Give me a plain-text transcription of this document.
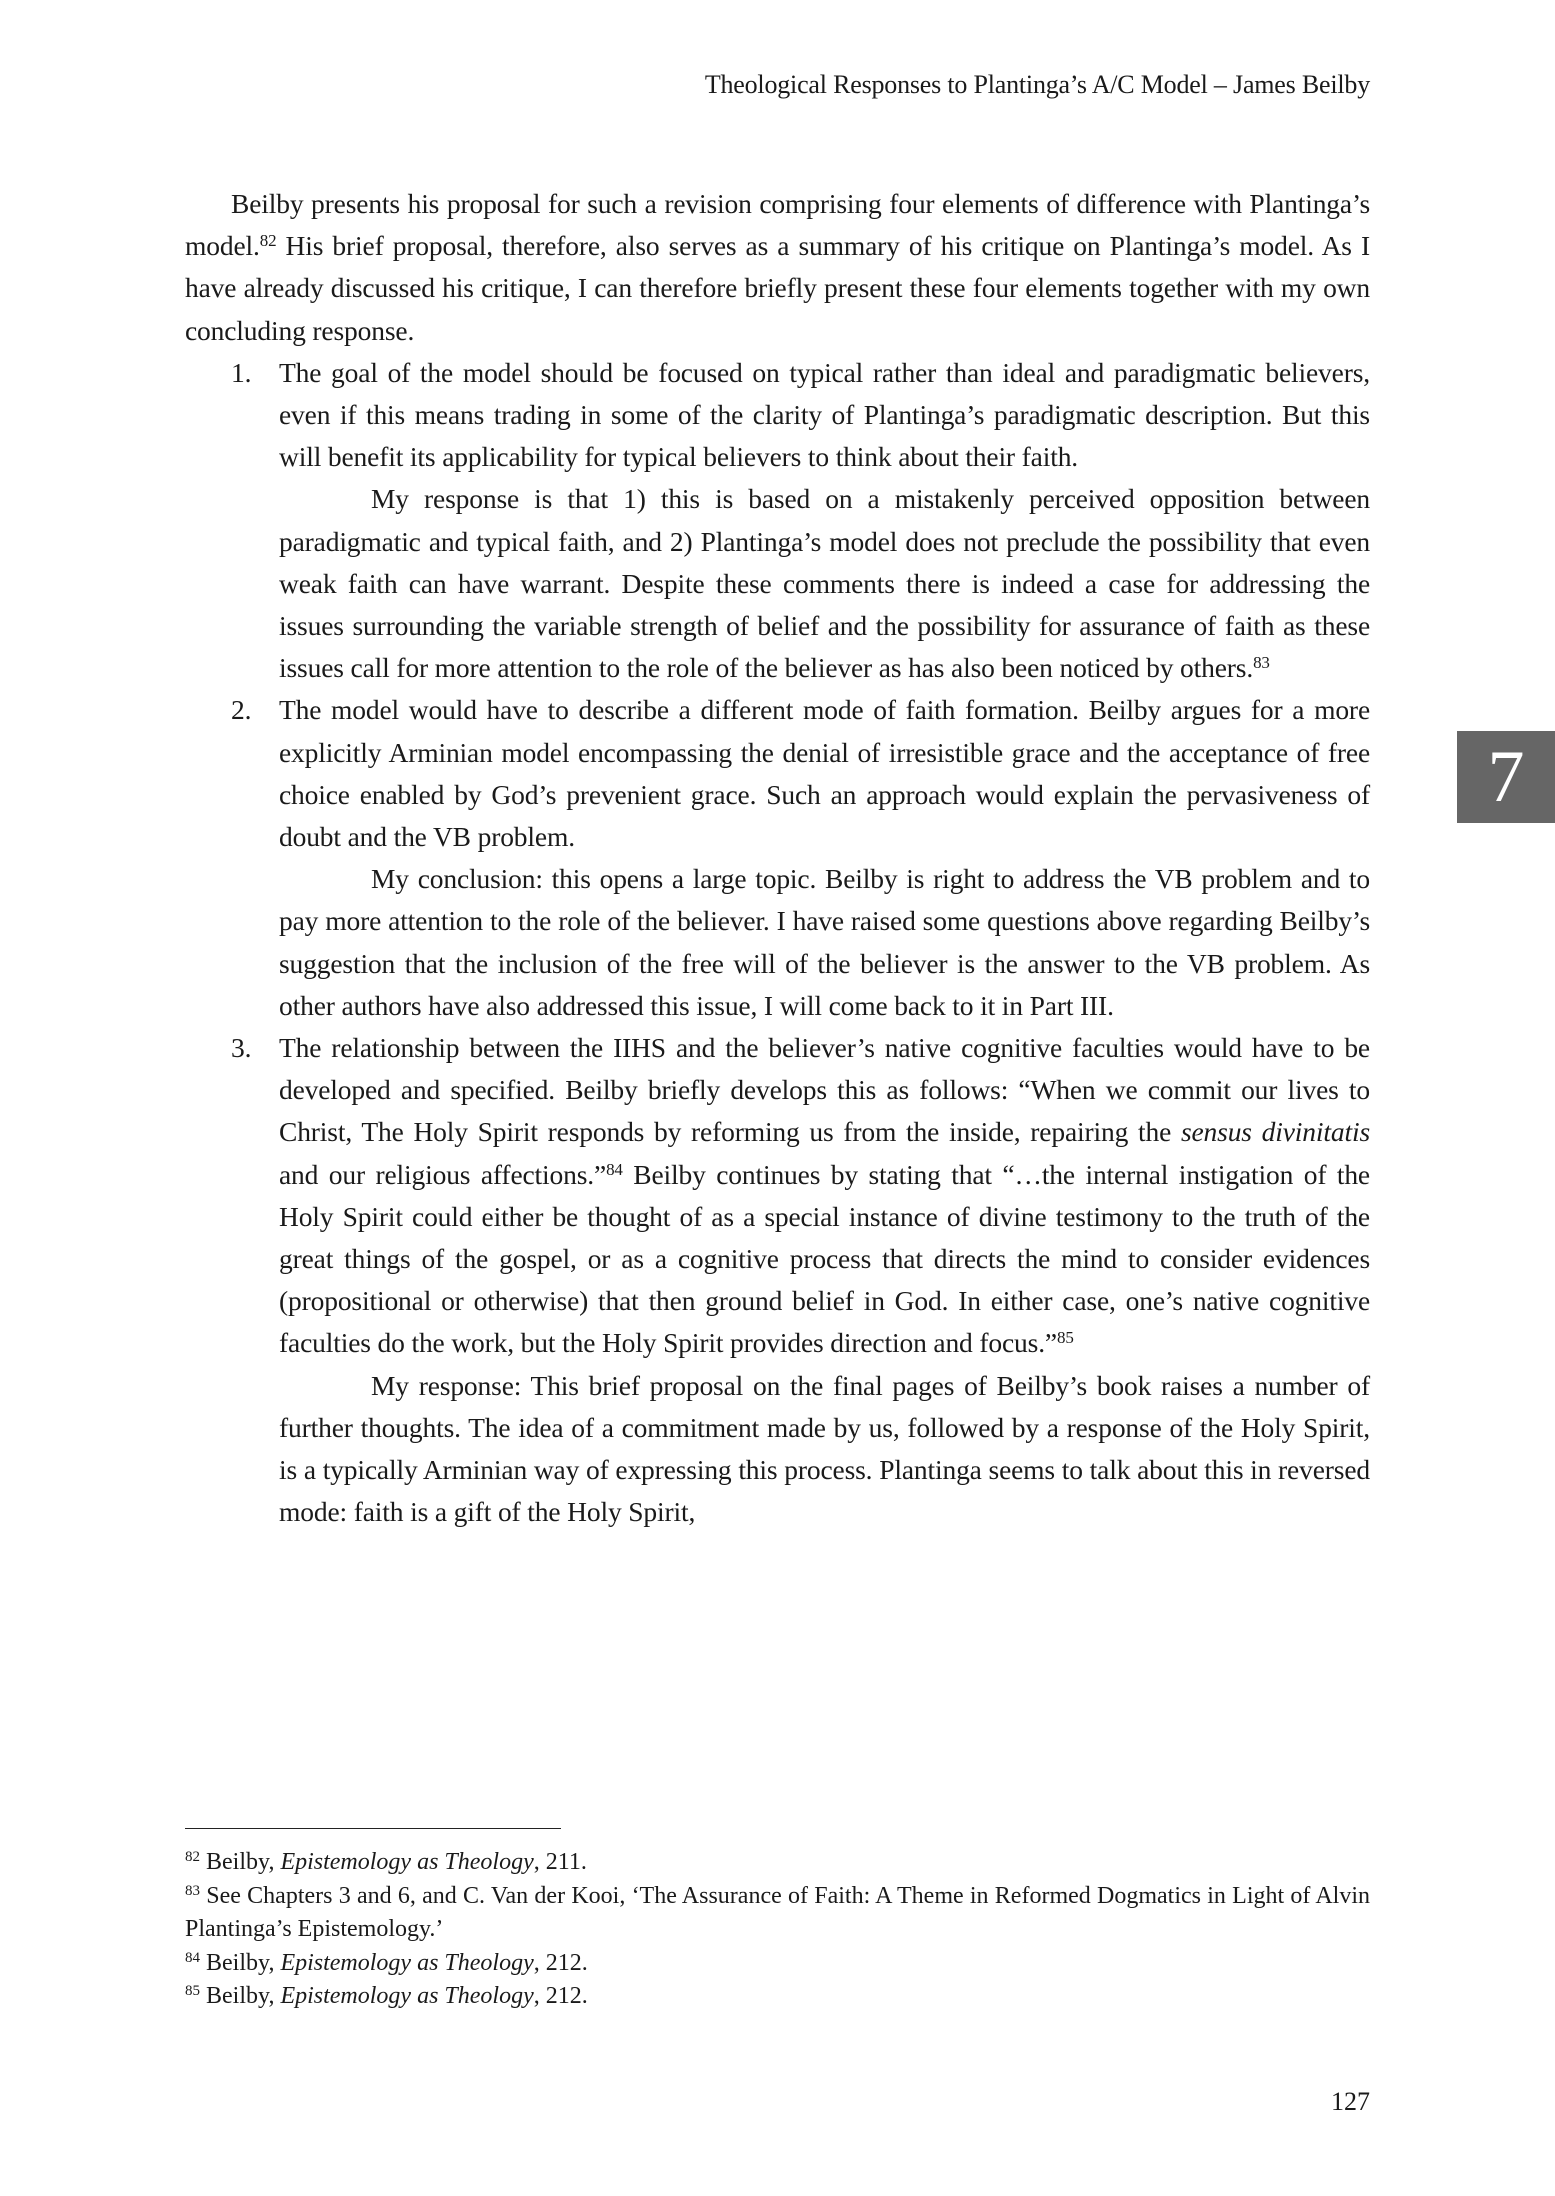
Theological Responses to Plantinga’s A/C Model – James Beilby

Beilby presents his proposal for such a revision comprising four elements of difference with Plantinga’s model.$^{82}$ His brief proposal, therefore, also serves as a summary of his critique on Plantinga’s model. As I have already discussed his critique, I can therefore briefly present these four elements together with my own concluding response.

1. The goal of the model should be focused on typical rather than ideal and paradigmatic believers, even if this means trading in some of the clarity of Plantinga’s paradigmatic description. But this will benefit its applicability for typical believers to think about their faith.

My response is that 1) this is based on a mistakenly perceived opposition between paradigmatic and typical faith, and 2) Plantinga’s model does not preclude the possibility that even weak faith can have warrant. Despite these comments there is indeed a case for addressing the issues surrounding the variable strength of belief and the possibility for assurance of faith as these issues call for more attention to the role of the believer as has also been noticed by others.$^{83}$

2. The model would have to describe a different mode of faith formation. Beilby argues for a more explicitly Arminian model encompassing the denial of irresistible grace and the acceptance of free choice enabled by God’s prevenient grace. Such an approach would explain the pervasiveness of doubt and the VB problem.

My conclusion: this opens a large topic. Beilby is right to address the VB problem and to pay more attention to the role of the believer. I have raised some questions above regarding Beilby’s suggestion that the inclusion of the free will of the believer is the answer to the VB problem. As other authors have also addressed this issue, I will come back to it in Part III.

3. The relationship between the IIHS and the believer’s native cognitive faculties would have to be developed and specified. Beilby briefly develops this as follows: “When we commit our lives to Christ, The Holy Spirit responds by reforming us from the inside, repairing the sensus divinitatis and our religious affections.”$^{84}$ Beilby continues by stating that “…the internal instigation of the Holy Spirit could either be thought of as a special instance of divine testimony to the truth of the great things of the gospel, or as a cognitive process that directs the mind to consider evidences (propositional or otherwise) that then ground belief in God. In either case, one’s native cognitive faculties do the work, but the Holy Spirit provides direction and focus.”$^{85}$

My response: This brief proposal on the final pages of Beilby’s book raises a number of further thoughts. The idea of a commitment made by us, followed by a response of the Holy Spirit, is a typically Arminian way of expressing this process. Plantinga seems to talk about this in reversed mode: faith is a gift of the Holy Spirit,

7

$^{82}$ Beilby, Epistemology as Theology, 211.

$^{83}$ See Chapters 3 and 6, and C. Van der Kooi, ‘The Assurance of Faith: A Theme in Reformed Dogmatics in Light of Alvin Plantinga’s Epistemology.’

$^{84}$ Beilby, Epistemology as Theology, 212.

$^{85}$ Beilby, Epistemology as Theology, 212.

127
